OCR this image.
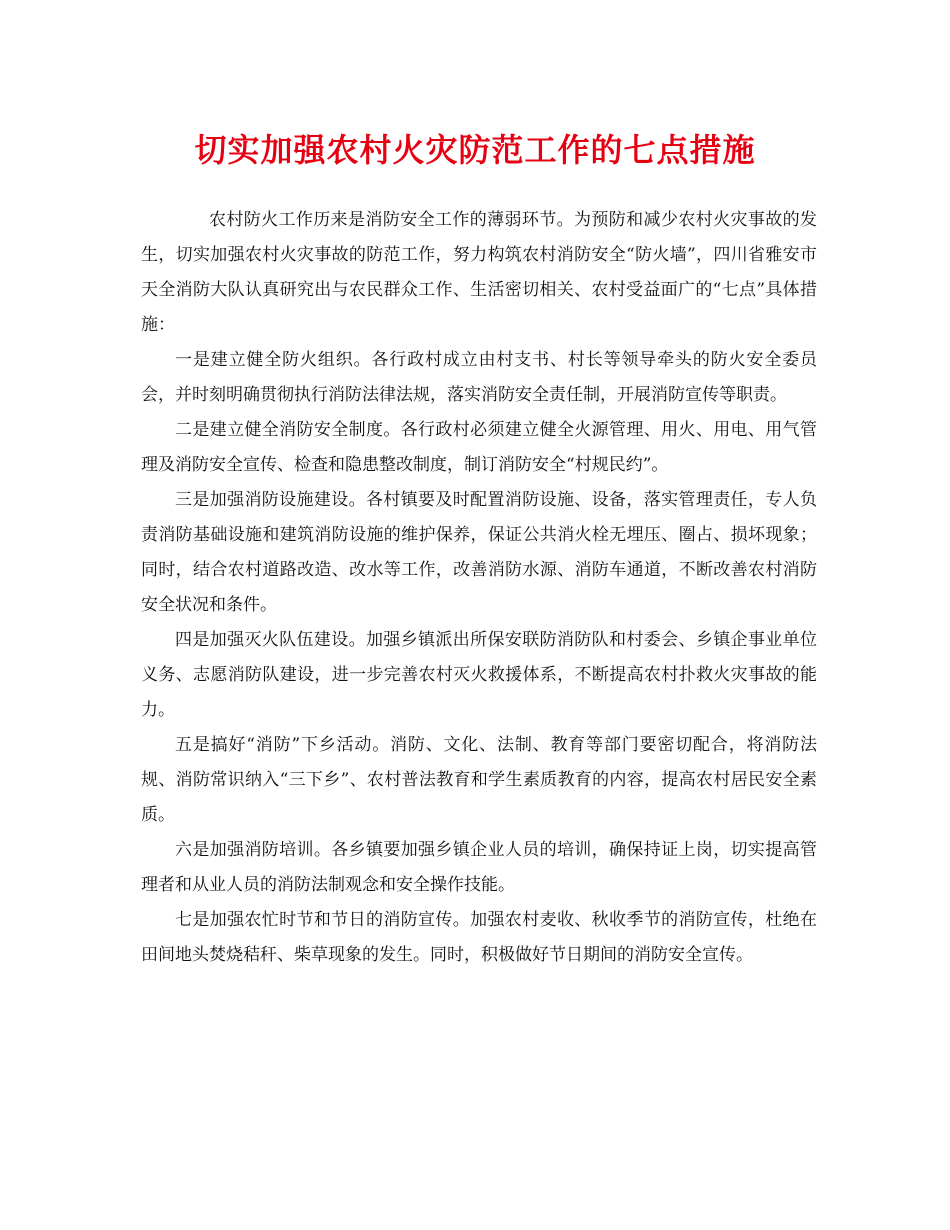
切实加强农村火灾防范工作的七点措施

农村防火工作历来是消防安全工作的薄弱环节。为预防和减少农村火灾事故的发生，切实加强农村火灾事故的防范工作，努力构筑农村消防安全“防火墙”，四川省雅安市天全消防大队认真研究出与农民群众工作、生活密切相关、农村受益面广的“七点”具体措施：

一是建立健全防火组织。各行政村成立由村支书、村长等领导牵头的防火安全委员会，并时刻明确贯彻执行消防法律法规，落实消防安全责任制，开展消防宣传等职责。

二是建立健全消防安全制度。各行政村必须建立健全火源管理、用火、用电、用气管理及消防安全宣传、检查和隐患整改制度，制订消防安全“村规民约”。

三是加强消防设施建设。各村镇要及时配置消防设施、设备，落实管理责任，专人负责消防基础设施和建筑消防设施的维护保养，保证公共消火栓无埋压、圈占、损坏现象；同时，结合农村道路改造、改水等工作，改善消防水源、消防车通道，不断改善农村消防安全状况和条件。

四是加强灭火队伍建设。加强乡镇派出所保安联防消防队和村委会、乡镇企事业单位义务、志愿消防队建设，进一步完善农村灭火救援体系，不断提高农村扑救火灾事故的能力。

五是搞好“消防”下乡活动。消防、文化、法制、教育等部门要密切配合，将消防法规、消防常识纳入“三下乡”、农村普法教育和学生素质教育的内容，提高农村居民安全素质。

六是加强消防培训。各乡镇要加强乡镇企业人员的培训，确保持证上岗，切实提高管理者和从业人员的消防法制观念和安全操作技能。

七是加强农忙时节和节日的消防宣传。加强农村麦收、秋收季节的消防宣传，杜绝在田间地头焚烧秸秆、柴草现象的发生。同时，积极做好节日期间的消防安全宣传。
